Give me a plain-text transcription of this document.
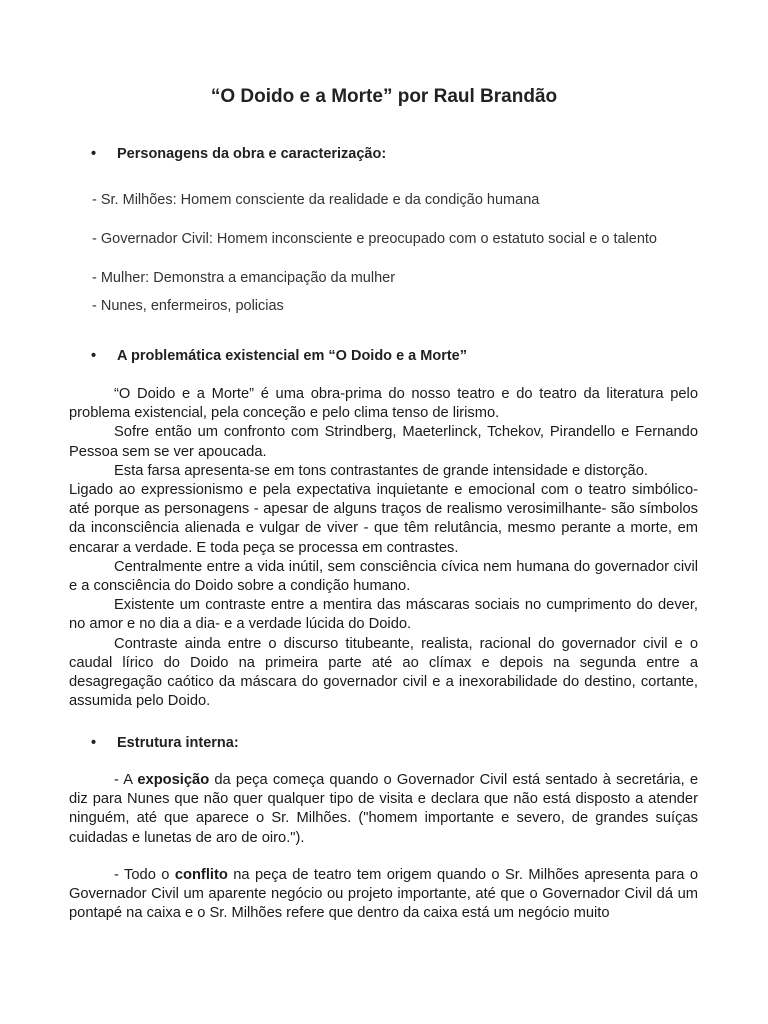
“O Doido e a Morte” por Raul Brandão
• Personagens da obra e caracterização:
- Sr. Milhões: Homem consciente da realidade e da condição humana
- Governador Civil: Homem inconsciente e preocupado com o estatuto social e o talento
- Mulher: Demonstra a emancipação da mulher
- Nunes, enfermeiros, policias
• A problemática existencial em “O Doido e a Morte”

“O Doido e a Morte” é uma obra-prima do nosso teatro e do teatro da literatura pelo problema existencial, pela conceção e pelo clima tenso de lirismo.

Sofre então um confronto com Strindberg, Maeterlinck, Tchekov, Pirandello e Fernando Pessoa sem se ver apoucada.

Esta farsa apresenta-se em tons contrastantes de grande intensidade e distorção.

Ligado ao expressionismo e pela expectativa inquietante e emocional com o teatro simbólico- até porque as personagens - apesar de alguns traços de realismo verosimilhante- são símbolos da inconsciência alienada e vulgar de viver - que têm relutância, mesmo perante a morte, em encarar a verdade. E toda peça se processa em contrastes.

Centralmente entre a vida inútil, sem consciência cívica nem humana do governador civil e a consciência do Doido sobre a condição humano.

Existente um contraste entre a mentira das máscaras sociais no cumprimento do dever, no amor e no dia a dia- e a verdade lúcida do Doido.

Contraste ainda entre o discurso titubeante, realista, racional do governador civil e o caudal lírico do Doido na primeira parte até ao clímax e depois na segunda entre a desagregação caótico da máscara do governador civil e a inexorabilidade do destino, cortante, assumida pelo Doido.

• Estrutura interna:

- A exposição da peça começa quando o Governador Civil está sentado à secretária, e diz para Nunes que não quer qualquer tipo de visita e declara que não está disposto a atender ninguém, até que aparece o Sr. Milhões. ("homem importante e severo, de grandes suíças cuidadas e lunetas de aro de oiro.").

- Todo o conflito na peça de teatro tem origem quando o Sr. Milhões apresenta para o Governador Civil um aparente negócio ou projeto importante, até que o Governador Civil dá um pontapé na caixa e o Sr. Milhões refere que dentro da caixa está um negócio muito
